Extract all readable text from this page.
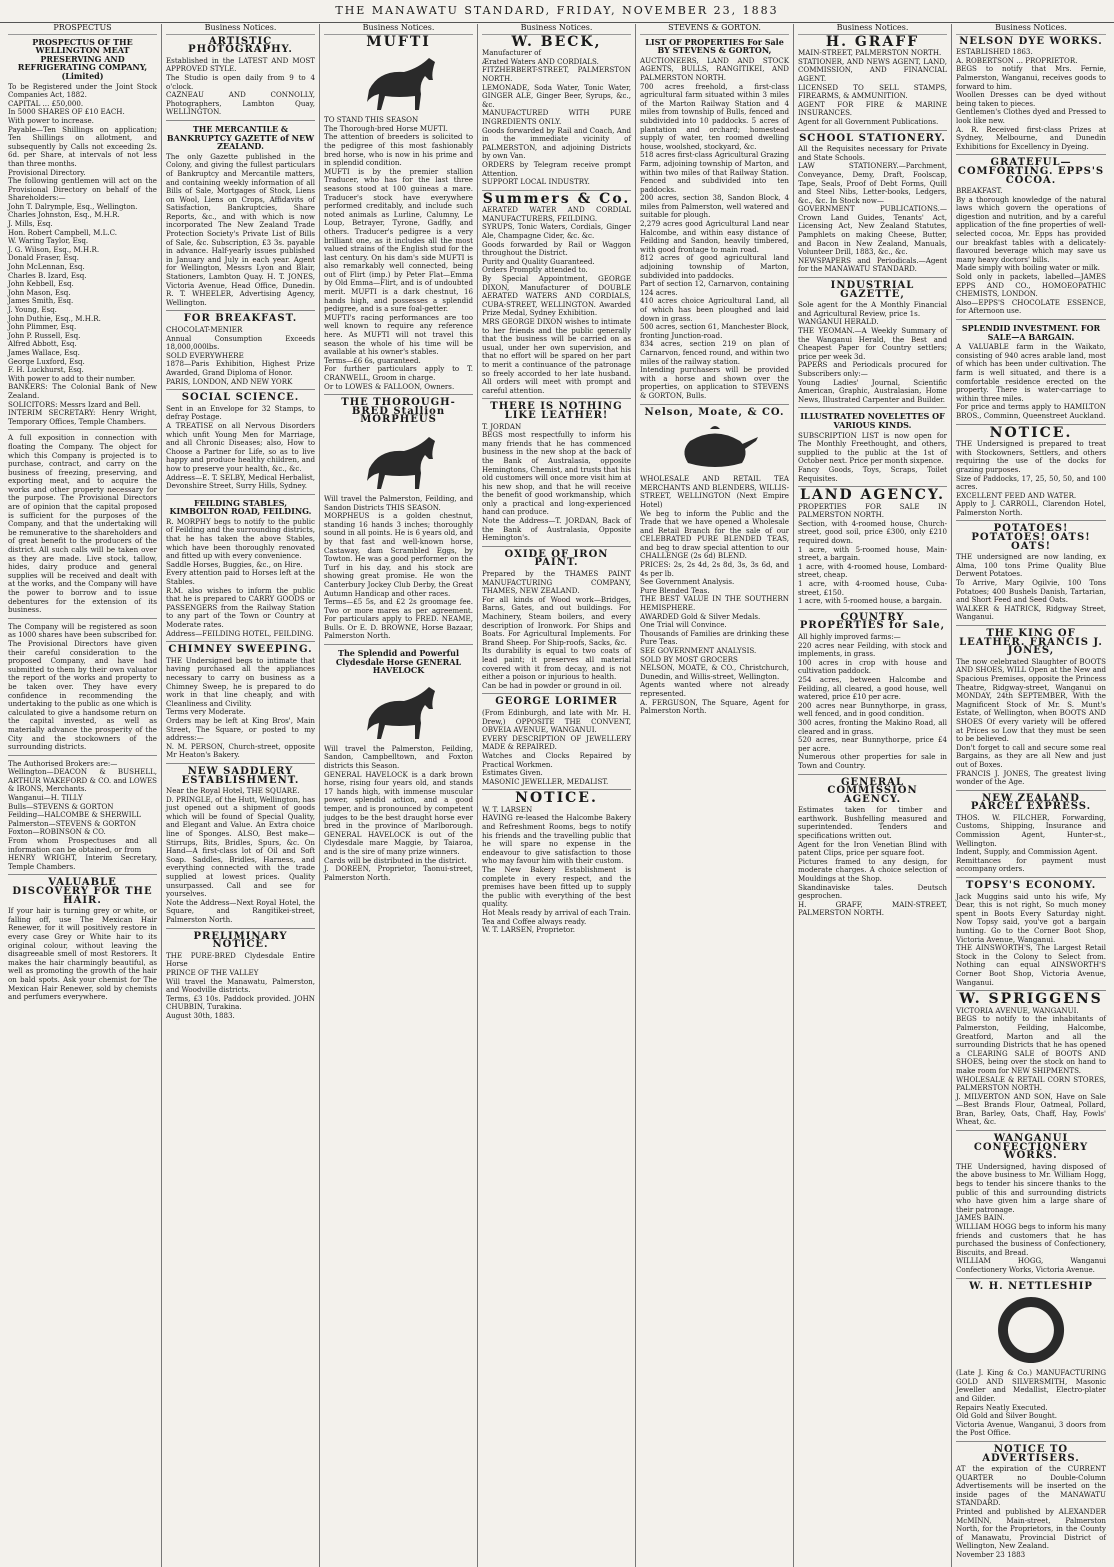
THE MANAWATU STANDARD, FRIDAY, NOVEMBER 23, 1883
PROSPECTUS
PROSPECTUS OF THE WELLINGTON MEAT PRESERVING AND REFRIGERATING COMPANY, (Limited)
To be Registered under the Joint Stock Companies Act, 1882.
CAPITAL ... £50,000.
In 5000 SHARES OF £10 EACH.
With power to increase.
Payable—Ten Shillings on application; Ten Shillings on allotment, and subsequently by Calls not exceeding 2s. 6d. per Share, at intervals of not less than three months.
Provisional Directory.
The following gentlemen will act on the Provisional Directory on behalf of the Shareholders:—
John T. Dalrymple, Esq., Wellington.
Charles Johnston, Esq., M.H.R.
J. Mills, Esq.
Hon. Robert Campbell, M.L.C.
W. Waring Taylor, Esq.
J. G. Wilson, Esq., M.H.R.
Donald Fraser, Esq.
John McLennan, Esq.
Charles B. Izard, Esq.
John Kebbell, Esq.
John Mason, Esq.
James Smith, Esq.
J. Young, Esq.
John Duthie, Esq., M.H.R.
John Plimmer, Esq.
John P. Russell, Esq.
Alfred Abbott, Esq.
James Wallace, Esq.
George Luxford, Esq.
F. H. Luckhurst, Esq.
With power to add to their number.
BANKERS: The Colonial Bank of New Zealand.
SOLICITORS: Messrs Izard and Bell.
INTERIM SECRETARY: Henry Wright, Temporary Offices, Temple Chambers.
A full exposition in connection with floating the Company. The object for which this Company is projected is to purchase, contract, and carry on the business of freezing, preserving, and exporting meat, and to acquire the works and other property necessary for the purpose. The Provisional Directors are of opinion that the capital proposed is sufficient for the purposes of the Company, and that the undertaking will be remunerative to the shareholders and of great benefit to the producers of the district. All such calls will be taken over as they are made. Live stock, tallow, hides, dairy produce and general supplies will be received and dealt with at the works, and the Company will have the power to borrow and to issue debentures for the extension of its business.
The Company will be registered as soon as 1000 shares have been subscribed for. The Provisional Directors have given their careful consideration to the proposed Company, and have had submitted to them by their own valuator the report of the works and property to be taken over. They have every confidence in recommending the undertaking to the public as one which is calculated to give a handsome return on the capital invested, as well as materially advance the prosperity of the City and the stockowners of the surrounding districts.
The Authorised Brokers are:—
Wellington—DEACON & BUSHELL, ARTHUR WAKEFORD & CO. and LOWES & IRONS, Merchants.
Wanganui—H. TILLY
Bulls—STEVENS & GORTON
Feilding—HALCOMBE & SHERWILL
Palmerston—STEVENS & GORTON
Foxton—ROBINSON & CO.
From whom Prospectuses and all information can be obtained, or from
HENRY WRIGHT, Interim Secretary, Temple Chambers.
VALUABLE DISCOVERY FOR THE HAIR.
If your hair is turning grey or white, or falling off, use The Mexican Hair Renewer, for it will positively restore in every case Grey or White hair to its original colour, without leaving the disagreeable smell of most Restorers. It makes the hair charmingly beautiful, as well as promoting the growth of the hair on bald spots. Ask your chemist for The Mexican Hair Renewer, sold by chemists and perfumers everywhere.
Business Notices.
ARTISTIC PHOTOGRAPHY.
Established in the LATEST AND MOST APPROVED STYLE.
The Studio is open daily from 9 to 4 o'clock.
CAZNEAU AND CONNOLLY, Photographers, Lambton Quay, WELLINGTON.
THE MERCANTILE & BANKRUPTCY GAZETTE of NEW ZEALAND.
The only Gazette published in the Colony, and giving the fullest particulars of Bankruptcy and Mercantile matters, and containing weekly information of all Bills of Sale, Mortgages of Stock, Liens on Wool, Liens on Crops, Affidavits of Satisfaction, Bankruptcies, Share Reports, &c., and with which is now incorporated The New Zealand Trade Protection Society's Private List of Bills of Sale, &c. Subscription, £3 3s. payable in advance. Half-yearly issues published in January and July in each year. Agent for Wellington, Messrs Lyon and Blair, Stationers, Lambton Quay. H. T. JONES, Victoria Avenue, Head Office, Dunedin. R. T. WHEELER, Advertising Agency, Wellington.
FOR BREAKFAST.
CHOCOLAT-MENIER
Annual Consumption Exceeds 18,000,000lbs.
SOLD EVERYWHERE
1878—Paris Exhibition, Highest Prize Awarded, Grand Diploma of Honor.
PARIS, LONDON, AND NEW YORK
SOCIAL SCIENCE.
Sent in an Envelope for 32 Stamps, to defray Postage.
A TREATISE on all Nervous Disorders which unfit Young Men for Marriage, and all Chronic Diseases; also, How to Choose a Partner for Life, so as to live happy and produce healthy children, and how to preserve your health, &c., &c.
Address—E. T. SELBY, Medical Herbalist, Devonshire Street, Surry Hills, Sydney.
FEILDING STABLES, KIMBOLTON ROAD, FEILDING.
R. MORPHY begs to notify to the public of Feilding and the surrounding districts, that he has taken the above Stables, which have been thoroughly renovated and fitted up with every convenience.
Saddle Horses, Buggies, &c., on Hire.
Every attention paid to Horses left at the Stables.
R.M. also wishes to inform the public that he is prepared to CARRY GOODS or PASSENGERS from the Railway Station to any part of the Town or Country at Moderate rates.
Address—FEILDING HOTEL, FEILDING.
CHIMNEY SWEEPING.
THE Undersigned begs to intimate that having purchased all the appliances necessary to carry on business as a Chimney Sweep, he is prepared to do work in that line cheaply, and with Cleanliness and Civility.
Terms very Moderate.
Orders may be left at King Bros', Main Street, The Square, or posted to my address:—
N. M. PERSON, Church-street, opposite Mr Heaton's Bakery.
NEW SADDLERY ESTABLISHMENT.
Near the Royal Hotel, THE SQUARE.
D. PRINGLE, of the Hutt, Wellington, has just opened out a shipment of goods which will be found of Special Quality, and Elegant and Value. An Extra choice line of Sponges. ALSO, Best make—Stirrups, Bits, Bridles, Spurs, &c. On Hand—A first-class lot of Oil and Soft Soap. Saddles, Bridles, Harness, and everything connected with the trade supplied at lowest prices. Quality unsurpassed. Call and see for yourselves.
Note the Address—Next Royal Hotel, the Square, and Rangitikei-street, Palmerston North.
PRELIMINARY NOTICE.
THE PURE-BRED Clydesdale Entire Horse
PRINCE OF THE VALLEY
Will travel the Manawatu, Palmerston, and Woodville districts.
Terms, £3 10s. Paddock provided. JOHN CHUBBIN, Turakina.
August 30th, 1883.
Business Notices.
MUFTI
TO STAND THIS SEASON
The Thorough-bred Horse MUFTI.
The attention of breeders is solicited to the pedigree of this most fashionably bred horse, who is now in his prime and in splendid condition.
MUFTI is by the premier stallion Traducer, who has for the last three seasons stood at 100 guineas a mare. Traducer's stock have everywhere performed creditably, and include such noted animals as Lurline, Calumny, Le Loup, Betrayer, Tyrone, Gadfly, and others. Traducer's pedigree is a very brilliant one, as it includes all the most valued strains of the English stud for the last century. On his dam's side MUFTI is also remarkably well connected, being out of Flirt (imp.) by Peter Flat—Emma by Old Emma—Flirt, and is of undoubted merit. MUFTI is a dark chestnut, 16 hands high, and possesses a splendid pedigree, and is a sure foal-getter.
MUFTI's racing performances are too well known to require any reference here. As MUFTI will not travel this season the whole of his time will be available at his owner's stables.
Terms—£6 6s, guaranteed.
For further particulars apply to T. CRANWELL, Groom in charge.
Or to LOWES & FALLOON, Owners.
THE THOROUGH-BRED Stallion MORPHEUS
Will travel the Palmerston, Feilding, and Sandon Districts THIS SEASON.
MORPHEUS is a golden chestnut, standing 16 hands 3 inches; thoroughly sound in all points. He is 6 years old, and by that fast and well-known horse, Castaway, dam Scrambled Eggs, by Towton. He was a good performer on the Turf in his day, and his stock are showing great promise. He won the Canterbury Jockey Club Derby, the Great Autumn Handicap and other races.
Terms—£5 5s, and £2 2s groomage fee. Two or more mares as per agreement. For particulars apply to FRED. NEAME, Bulls. Or E. D. BROWNE, Horse Bazaar, Palmerston North.
The Splendid and Powerful Clydesdale Horse GENERAL HAVELOCK
Will travel the Palmerston, Feilding, Sandon, Campbelltown, and Foxton districts this Season.
GENERAL HAVELOCK is a dark brown horse, rising four years old, and stands 17 hands high, with immense muscular power, splendid action, and a good temper, and is pronounced by competent judges to be the best draught horse ever bred in the province of Marlborough. GENERAL HAVELOCK is out of the Clydesdale mare Maggie, by Taiaroa, and is the sire of many prize winners.
Cards will be distributed in the district.
J. DOREEN, Proprietor, Taonui-street, Palmerston North.
Business Notices.
W. BECK,
Manufacturer of
Ærated Waters AND CORDIALS.
FITZHERBERT-STREET, PALMERSTON NORTH.
LEMONADE, Soda Water, Tonic Water, GINGER ALE, Ginger Beer, Syrups, &c., &c.
MANUFACTURED WITH PURE INGREDIENTS ONLY.
Goods forwarded by Rail and Coach, And in the immediate vicinity of PALMERSTON, and adjoining Districts by own Van.
ORDERS by Telegram receive prompt Attention.
SUPPORT LOCAL INDUSTRY.
Summers & Co.
AERATED WATER AND CORDIAL MANUFACTURERS, FEILDING.
SYRUPS, Tonic Waters, Cordials, Ginger Ale, Champagne Cider, &c. &c.
Goods forwarded by Rail or Waggon throughout the District.
Purity and Quality Guaranteed.
Orders Promptly attended to.
By Special Appointment, GEORGE DIXON, Manufacturer of DOUBLE AERATED WATERS AND CORDIALS, CUBA-STREET, WELLINGTON. Awarded Prize Medal, Sydney Exhibition.
MRS GEORGE DIXON wishes to intimate to her friends and the public generally that the business will be carried on as usual, under her own supervision, and that no effort will be spared on her part to merit a continuance of the patronage so freely accorded to her late husband. All orders will meet with prompt and careful attention.
THERE IS NOTHING LIKE LEATHER!
T. JORDAN
BEGS most respectfully to inform his many friends that he has commenced business in the new shop at the back of the Bank of Australasia, opposite Hemingtons, Chemist, and trusts that his old customers will once more visit him at his new shop, and that he will receive the benefit of good workmanship, which only a practical and long-experienced hand can produce.
Note the Address—T. JORDAN, Back of the Bank of Australasia, Opposite Hemington's.
OXIDE OF IRON PAINT.
Prepared by the THAMES PAINT MANUFACTURING COMPANY, THAMES, NEW ZEALAND.
For all kinds of Wood work—Bridges, Barns, Gates, and out buildings. For Machinery, Steam boilers, and every description of Ironwork. For Ships and Boats. For Agricultural Implements. For Brand Sheep. For Ship-roofs, Sacks, &c.
Its durability is equal to two coats of lead paint; it preserves all material covered with it from decay, and is not either a poison or injurious to health.
Can be had in powder or ground in oil.
GEORGE LORIMER
(From Edinburgh, and late with Mr. H. Drew,) OPPOSITE THE CONVENT, OBVEIA AVENUE, WANGANUI.
EVERY DESCRIPTION OF JEWELLERY MADE & REPAIRED.
Watches and Clocks Repaired by Practical Workmen.
Estimates Given.
MASONIC JEWELLER, MEDALIST.
NOTICE.
W. T. LARSEN
HAVING re-leased the Halcombe Bakery and Refreshment Rooms, begs to notify his friends and the travelling public that he will spare no expense in the endeavour to give satisfaction to those who may favour him with their custom.
The New Bakery Establishment is complete in every respect, and the premises have been fitted up to supply the public with everything of the best quality.
Hot Meals ready by arrival of each Train.
Tea and Coffee always ready.
W. T. LARSEN, Proprietor.
STEVENS & GORTON.
LIST OF PROPERTIES For Sale BY STEVENS & GORTON,
AUCTIONEERS, LAND AND STOCK AGENTS, BULLS, RANGITIKEI, AND PALMERSTON NORTH.
700 acres freehold, a first-class agricultural farm situated within 3 miles of the Marton Railway Station and 4 miles from township of Bulls, fenced and subdivided into 10 paddocks. 5 acres of plantation and orchard; homestead supply of water, ten roomed dwelling house, woolshed, stockyard, &c.
518 acres first-class Agricultural Grazing Farm, adjoining township of Marton, and within two miles of that Railway Station. Fenced and subdivided into ten paddocks.
200 acres, section 38, Sandon Block, 4 miles from Palmerston, well watered and suitable for plough.
2,279 acres good Agricultural Land near Halcombe, and within easy distance of Feilding and Sandon, heavily timbered, with good frontage to main road.
812 acres of good agricultural land adjoining township of Marton, subdivided into paddocks.
Part of section 12, Carnarvon, containing 124 acres.
410 acres choice Agricultural Land, all of which has been ploughed and laid down in grass.
500 acres, section 61, Manchester Block, fronting Junction-road.
834 acres, section 219 on plan of Carnarvon, fenced round, and within two miles of the railway station.
Intending purchasers will be provided with a horse and shown over the properties, on application to STEVENS & GORTON, Bulls.
Nelson, Moate, & CO.
WHOLESALE AND RETAIL TEA MERCHANTS AND BLENDERS, WILLIS-STREET, WELLINGTON (Next Empire Hotel)
We beg to inform the Public and the Trade that we have opened a Wholesale and Retail Branch for the sale of our CELEBRATED PURE BLENDED TEAS, and beg to draw special attention to our CHALLENGE (2s 6d) BLEND.
PRICES: 2s, 2s 4d, 2s 8d, 3s, 3s 6d, and 4s per lb.
See Government Analysis.
Pure Blended Teas.
THE BEST VALUE IN THE SOUTHERN HEMISPHERE.
AWARDED Gold & Silver Medals.
One Trial will Convince.
Thousands of Families are drinking these Pure Teas.
SEE GOVERNMENT ANALYSIS.
SOLD BY MOST GROCERS
NELSON, MOATE, & CO., Christchurch, Dunedin, and Willis-street, Wellington.
Agents wanted where not already represented.
A. FERGUSON, The Square, Agent for Palmerston North.
Business Notices.
H. GRAFF
MAIN-STREET, PALMERSTON NORTH.
STATIONER, AND NEWS AGENT, LAND, COMMISSION, AND FINANCIAL AGENT.
LICENSED TO SELL STAMPS, FIREARMS, & AMMUNITION.
AGENT FOR FIRE & MARINE INSURANCES.
Agent for all Government Publications.
SCHOOL STATIONERY.
All the Requisites necessary for Private and State Schools.
LAW STATIONERY.—Parchment, Conveyance, Demy, Draft, Foolscap, Tape, Seals, Proof of Debt Forms, Quill and Steel Nibs, Letter-books, Ledgers, &c., &c. In Stock now—
GOVERNMENT PUBLICATIONS.—Crown Land Guides, Tenants' Act, Licensing Act, New Zealand Statutes, Pamphlets on making Cheese, Butter, and Bacon in New Zealand, Manuals, Volunteer Drill, 1883, &c., &c.
NEWSPAPERS and Periodicals.—Agent for the MANAWATU STANDARD.
INDUSTRIAL GAZETTE,
Sole agent for the A Monthly Financial and Agricultural Review, price 1s.
WANGANUI HERALD.
THE YEOMAN.—A Weekly Summary of the Wanganui Herald, the Best and Cheapest Paper for Country settlers; price per week 3d.
PAPERS and Periodicals procured for Subscribers only:—
Young Ladies' Journal, Scientific American, Graphic, Australasian, Home News, Illustrated Carpenter and Builder.
ILLUSTRATED NOVELETTES OF VARIOUS KINDS.
SUBSCRIPTION LIST is now open for The Monthly Freethought, and others, supplied to the public at the 1st of October next. Price per month sixpence.
Fancy Goods, Toys, Scraps, Toilet Requisites.
LAND AGENCY.
PROPERTIES FOR SALE IN PALMERSTON NORTH.
Section, with 4-roomed house, Church-street, good soil, price £300, only £210 required down.
1 acre, with 5-roomed house, Main-street, a bargain.
1 acre, with 4-roomed house, Lombard-street, cheap.
1 acre, with 4-roomed house, Cuba-street, £150.
1 acre, with 5-roomed house, a bargain.
COUNTRY PROPERTIES for Sale,
All highly improved farms:—
220 acres near Feilding, with stock and implements, in grass.
100 acres in crop with house and cultivation paddock.
254 acres, between Halcombe and Feilding, all cleared, a good house, well watered, price £10 per acre.
200 acres near Bunnythorpe, in grass, well fenced, and in good condition.
300 acres, fronting the Makino Road, all cleared and in grass.
520 acres, near Bunnythorpe, price £4 per acre.
Numerous other properties for sale in Town and Country.
GENERAL COMMISSION AGENCY.
Estimates taken for timber and earthwork. Bushfelling measured and superintended. Tenders and specifications written out.
Agent for the Iron Venetian Blind with patent Clips, price per square foot.
Pictures framed to any design, for moderate charges. A choice selection of Mouldings at the Shop.
Skandinaviske tales. Deutsch gesprochen.
H. GRAFF, MAIN-STREET, PALMERSTON NORTH.
Business Notices.
NELSON DYE WORKS.
ESTABLISHED 1863.
A. ROBERTSON ... PROPRIETOR.
BEGS to notify that Mrs. Fernie, Palmerston, Wanganui, receives goods to forward to him.
Woollen Dresses can be dyed without being taken to pieces.
Gentlemen's Clothes dyed and Pressed to look like new.
A. R. Received first-class Prizes at Sydney, Melbourne, and Dunedin Exhibitions for Excellency in Dyeing.
GRATEFUL—COMFORTING. EPPS'S COCOA.
BREAKFAST.
By a thorough knowledge of the natural laws which govern the operations of digestion and nutrition, and by a careful application of the fine properties of well-selected cocoa, Mr. Epps has provided our breakfast tables with a delicately-flavoured beverage which may save us many heavy doctors' bills.
Made simply with boiling water or milk.
Sold only in packets, labelled—JAMES EPPS AND CO., HOMOEOPATHIC CHEMISTS, LONDON.
Also—EPPS'S CHOCOLATE ESSENCE, for Afternoon use.
SPLENDID INVESTMENT. FOR SALE—A BARGAIN.
A VALUABLE farm in the Waikato, consisting of 940 acres arable land, most of which has been under cultivation. The farm is well situated, and there is a comfortable residence erected on the property. There is water-carriage to within three miles.
For price and terms apply to HAMILTON BROS., Comminn, Queenstreet Auckland.
NOTICE.
THE Undersigned is prepared to treat with Stockowners, Settlers, and others requiring the use of the docks for grazing purposes.
Size of Paddocks, 17, 25, 50, 50, and 100 acres.
EXCELLENT FEED AND WATER.
Apply to J. CARROLL, Clarendon Hotel, Palmerston North.
POTATOES! POTATOES! OATS! OATS!
THE undersigned are now landing, ex Alma, 100 tons Prime Quality Blue Derwent Potatoes.
To Arrive, Mary Ogilvie, 100 Tons Potatoes; 400 Bushels Danish, Tartarian, and Short Feed and Seed Oats.
WALKER & HATRICK, Ridgway Street, Wanganui.
THE KING OF LEATHER. FRANCIS J. JONES,
The now celebrated Slaughter of BOOTS AND SHOES, WILL Open at the New and Spacious Premises, opposite the Princess Theatre, Ridgway-street, Wanganui on MONDAY, 24th SEPTEMBER, With the Magnificent Stock of Mr. S. Munt's Estate, of Wellington, when BOOTS AND SHOES Of every variety will be offered at Prices so Low that they must be seen to be believed.
Don't forget to call and secure some real Bargains, as they are all New and just out of Boxes.
FRANCIS J. JONES, The greatest living wonder of the Age.
NEW ZEALAND PARCEL EXPRESS.
THOS. W. FILCHER, Forwarding, Customs, Shipping, Insurance and Commission Agent, Hunter-st., Wellington.
Indent, Supply, and Commission Agent.
Remittances for payment must accompany orders.
TOPSY'S ECONOMY.
Jack Muggins said unto his wife, My Dear, this is not right, So much money spent in Boots Every Saturday night. Now Topsy said, you've got a bargain hunting. Go to the Corner Boot Shop, Victoria Avenue, Wanganui.
THE AINSWORTH'S, The Largest Retail Stock in the Colony to Select from. Nothing can equal AINSWORTH'S Corner Boot Shop, Victoria Avenue, Wanganui.
W. SPRIGGENS
VICTORIA AVENUE, WANGANUI.
BEGS to notify to the inhabitants of Palmerston, Feilding, Halcombe, Greatford, Marton and all the surrounding Districts that he has opened a CLEARING SALE of BOOTS AND SHOES, being over the stock on hand to make room for NEW SHIPMENTS.
WHOLESALE & RETAIL CORN STORES, PALMERSTON NORTH.
J. MILVERTON AND SON, Have on Sale—Best Brands Flour, Oatmeal, Pollard, Bran, Barley, Oats, Chaff, Hay, Fowls' Wheat, &c.
WANGANUI CONFECTIONERY WORKS.
THE Undersigned, having disposed of the above business to Mr. William Hogg, begs to tender his sincere thanks to the public of this and surrounding districts who have given him a large share of their patronage.
JAMES BAIN.
WILLIAM HOGG begs to inform his many friends and customers that he has purchased the business of Confectionery, Biscuits, and Bread.
WILLIAM HOGG, Wanganui Confectionery Works, Victoria Avenue.
W. H. NETTLESHIP
(Late J. King & Co.) MANUFACTURING GOLD AND SILVERSMITH, Masonic Jeweller and Medallist, Electro-plater and Gilder.
Repairs Neatly Executed.
Old Gold and Silver Bought.
Victoria Avenue, Wanganui, 3 doors from the Post Office.
NOTICE TO ADVERTISERS.
AT the expiration of the CURRENT QUARTER no Double-Column Advertisements will be inserted on the inside pages of the MANAWATU STANDARD.
Printed and published by ALEXANDER McMINN, Main-street, Palmerston North, for the Proprietors, in the County of Manawatu, Provincial District of Wellington, New Zealand.
November 23 1883
